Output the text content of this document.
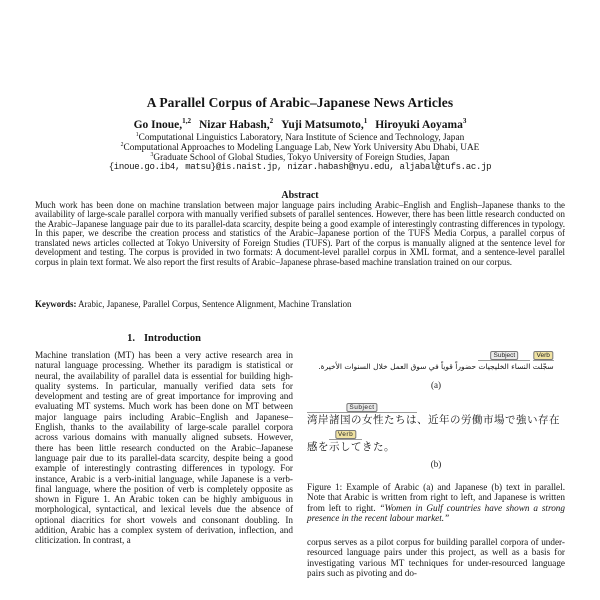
A Parallel Corpus of Arabic–Japanese News Articles
Go Inoue,$^{1,2}$ Nizar Habash,$^2$ Yuji Matsumoto,$^1$ Hiroyuki Aoyama$^3$
$^1$Computational Linguistics Laboratory, Nara Institute of Science and Technology, Japan
$^2$Computational Approaches to Modeling Language Lab, New York University Abu Dhabi, UAE
$^3$Graduate School of Global Studies, Tokyo University of Foreign Studies, Japan
{inoue.go.ib4, matsu}@is.naist.jp, nizar.habash@nyu.edu, aljabal@tufs.ac.jp
Abstract
Much work has been done on machine translation between major language pairs including Arabic–English and English–Japanese thanks to the availability of large-scale parallel corpora with manually verified subsets of parallel sentences. However, there has been little research conducted on the Arabic–Japanese language pair due to its parallel-data scarcity, despite being a good example of interestingly contrasting differences in typology. In this paper, we describe the creation process and statistics of the Arabic–Japanese portion of the TUFS Media Corpus, a parallel corpus of translated news articles collected at Tokyo University of Foreign Studies (TUFS). Part of the corpus is manually aligned at the sentence level for development and testing. The corpus is provided in two formats: A document-level parallel corpus in XML format, and a sentence-level parallel corpus in plain text format. We also report the first results of Arabic–Japanese phrase-based machine translation trained on our corpus.
Keywords: Arabic, Japanese, Parallel Corpus, Sentence Alignment, Machine Translation
1. Introduction
Machine translation (MT) has been a very active research area in natural language processing. Whether its paradigm is statistical or neural, the availability of parallel data is essential for building high-quality systems. In particular, manually verified data sets for development and testing are of great importance for improving and evaluating MT systems. Much work has been done on MT between major language pairs including Arabic–English and Japanese–English, thanks to the availability of large-scale parallel corpora across various domains with manually aligned subsets. However, there has been little research conducted on the Arabic–Japanese language pair due to its parallel-data scarcity, despite being a good example of interestingly contrasting differences in typology. For instance, Arabic is a verb-initial language, while Japanese is a verb-final language, where the position of verb is completely opposite as shown in Figure 1. An Arabic token can be highly ambiguous in morphological, syntactical, and lexical levels due the absence of optional diacritics for short vowels and consonant doubling. In addition, Arabic has a complex system of derivation, inflection, and cliticization. In contrast, a
Verb
سجّلت
Subject
النساء الخليجيات حضوراً قوياً في سوق العمل خلال السنوات الأخيرة.
(a)
Subject
湾岸諸国の女性たちは、近年の労働市場で強い存在
感を
Verb
示してきた。
(b)
Figure 1: Example of Arabic (a) and Japanese (b) text in parallel. Note that Arabic is written from right to left, and Japanese is written from left to right. “Women in Gulf countries have shown a strong presence in the recent labour market.”
corpus serves as a pilot corpus for building parallel corpora of under-resourced language pairs under this project, as well as a basis for investigating various MT techniques for under-resourced language pairs such as pivoting and do-
